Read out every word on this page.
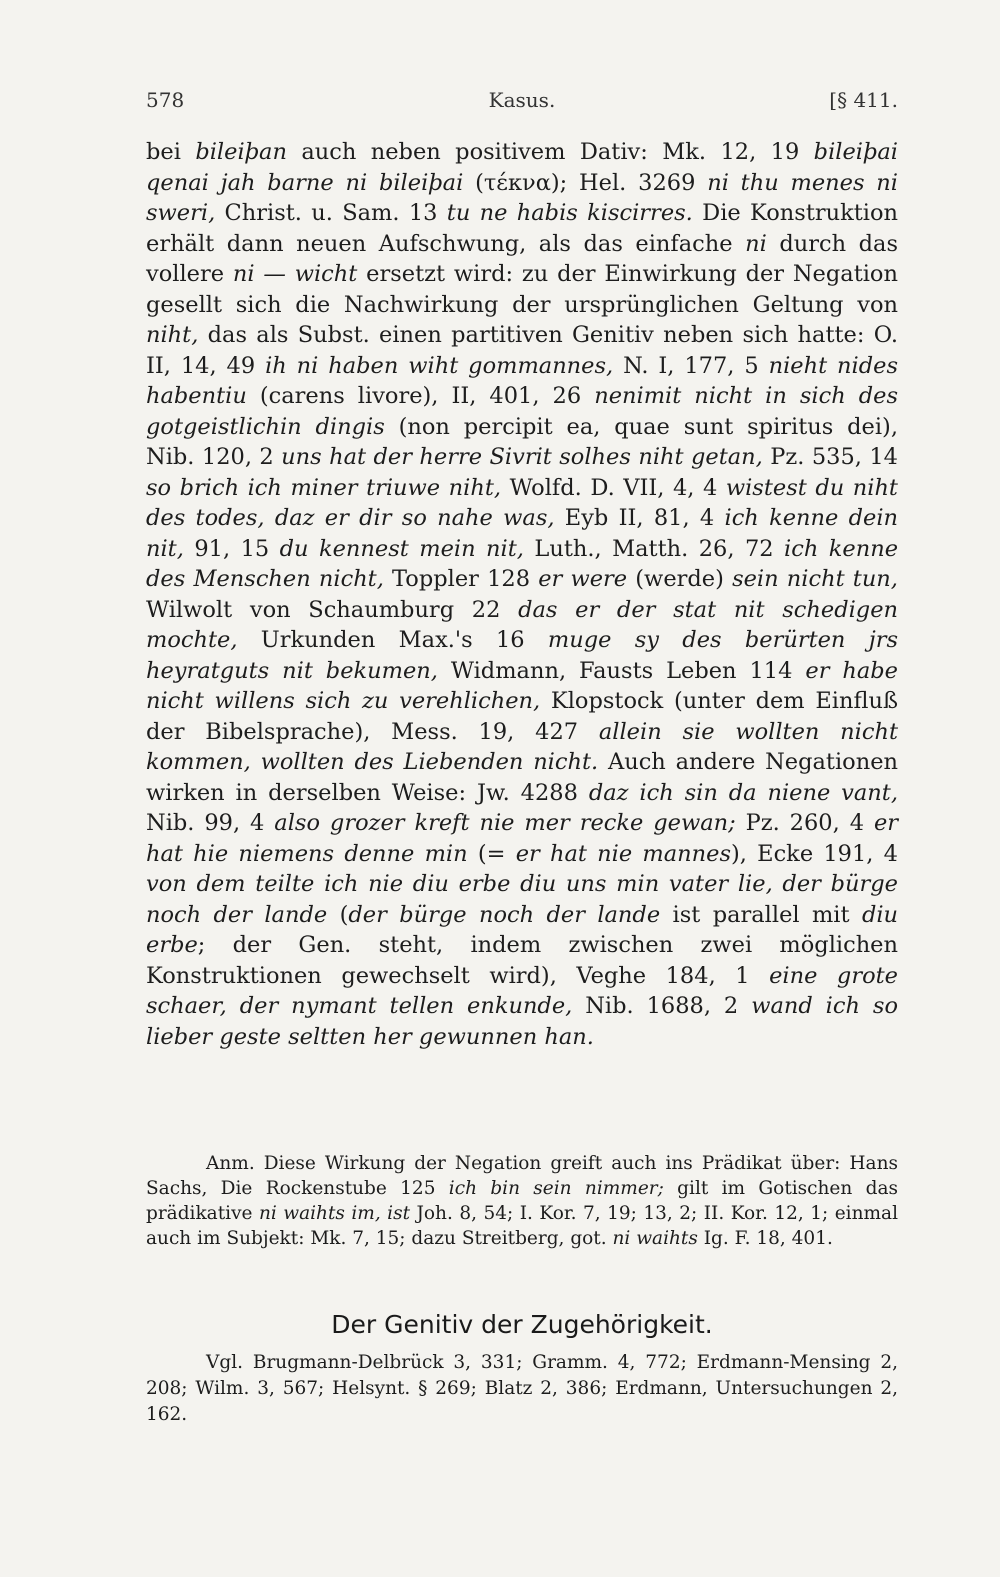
578	Kasus.	[§ 411.

bei bileiþan auch neben positivem Dativ: Mk. 12, 19 bileiþai qenai jah barne ni bileiþai (τέκνα); Hel. 3269 ni thu menes ni sweri, Christ. u. Sam. 13 tu ne habis kiscirres. Die Konstruktion erhält dann neuen Aufschwung, als das einfache ni durch das vollere ni — wicht ersetzt wird: zu der Einwirkung der Negation gesellt sich die Nachwirkung der ursprünglichen Geltung von niht, das als Subst. einen partitiven Genitiv neben sich hatte: O. II, 14, 49 ih ni haben wiht gommannes, N. I, 177, 5 nieht nides habentiu (carens livore), II, 401, 26 nenimit nicht in sich des gotgeistlichin dingis (non percipit ea, quae sunt spiritus dei), Nib. 120, 2 uns hat der herre Sivrit solhes niht getan, Pz. 535, 14 so brich ich miner triuwe niht, Wolfd. D. VII, 4, 4 wistest du niht des todes, daz er dir so nahe was, Eyb II, 81, 4 ich kenne dein nit, 91, 15 du kennest mein nit, Luth., Matth. 26, 72 ich kenne des Menschen nicht, Toppler 128 er were (werde) sein nicht tun, Wilwolt von Schaumburg 22 das er der stat nit schedigen mochte, Urkunden Max.'s 16 muge sy des berürten jrs heyratguts nit bekumen, Widmann, Fausts Leben 114 er habe nicht willens sich zu verehlichen, Klopstock (unter dem Einfluß der Bibelsprache), Mess. 19, 427 allein sie wollten nicht kommen, wollten des Liebenden nicht. Auch andere Negationen wirken in derselben Weise: Jw. 4288 daz ich sin da niene vant, Nib. 99, 4 also grozer kreft nie mer recke gewan; Pz. 260, 4 er hat hie niemens denne min (= er hat nie mannes), Ecke 191, 4 von dem teilte ich nie diu erbe diu uns min vater lie, der bürge noch der lande (der bürge noch der lande ist parallel mit diu erbe; der Gen. steht, indem zwischen zwei möglichen Konstruktionen gewechselt wird), Veghe 184, 1 eine grote schaer, der nymant tellen enkunde, Nib. 1688, 2 wand ich so lieber geste seltten her gewunnen han.

Anm. Diese Wirkung der Negation greift auch ins Prädikat über: Hans Sachs, Die Rockenstube 125 ich bin sein nimmer; gilt im Gotischen das prädikative ni waihts im, ist Joh. 8, 54; I. Kor. 7, 19; 13, 2; II. Kor. 12, 1; einmal auch im Subjekt: Mk. 7, 15; dazu Streitberg, got. ni waihts Ig. F. 18, 401.

Der Genitiv der Zugehörigkeit.

Vgl. Brugmann-Delbrück 3, 331; Gramm. 4, 772; Erdmann-Mensing 2, 208; Wilm. 3, 567; Helsynt. § 269; Blatz 2, 386; Erdmann, Untersuchungen 2, 162.
